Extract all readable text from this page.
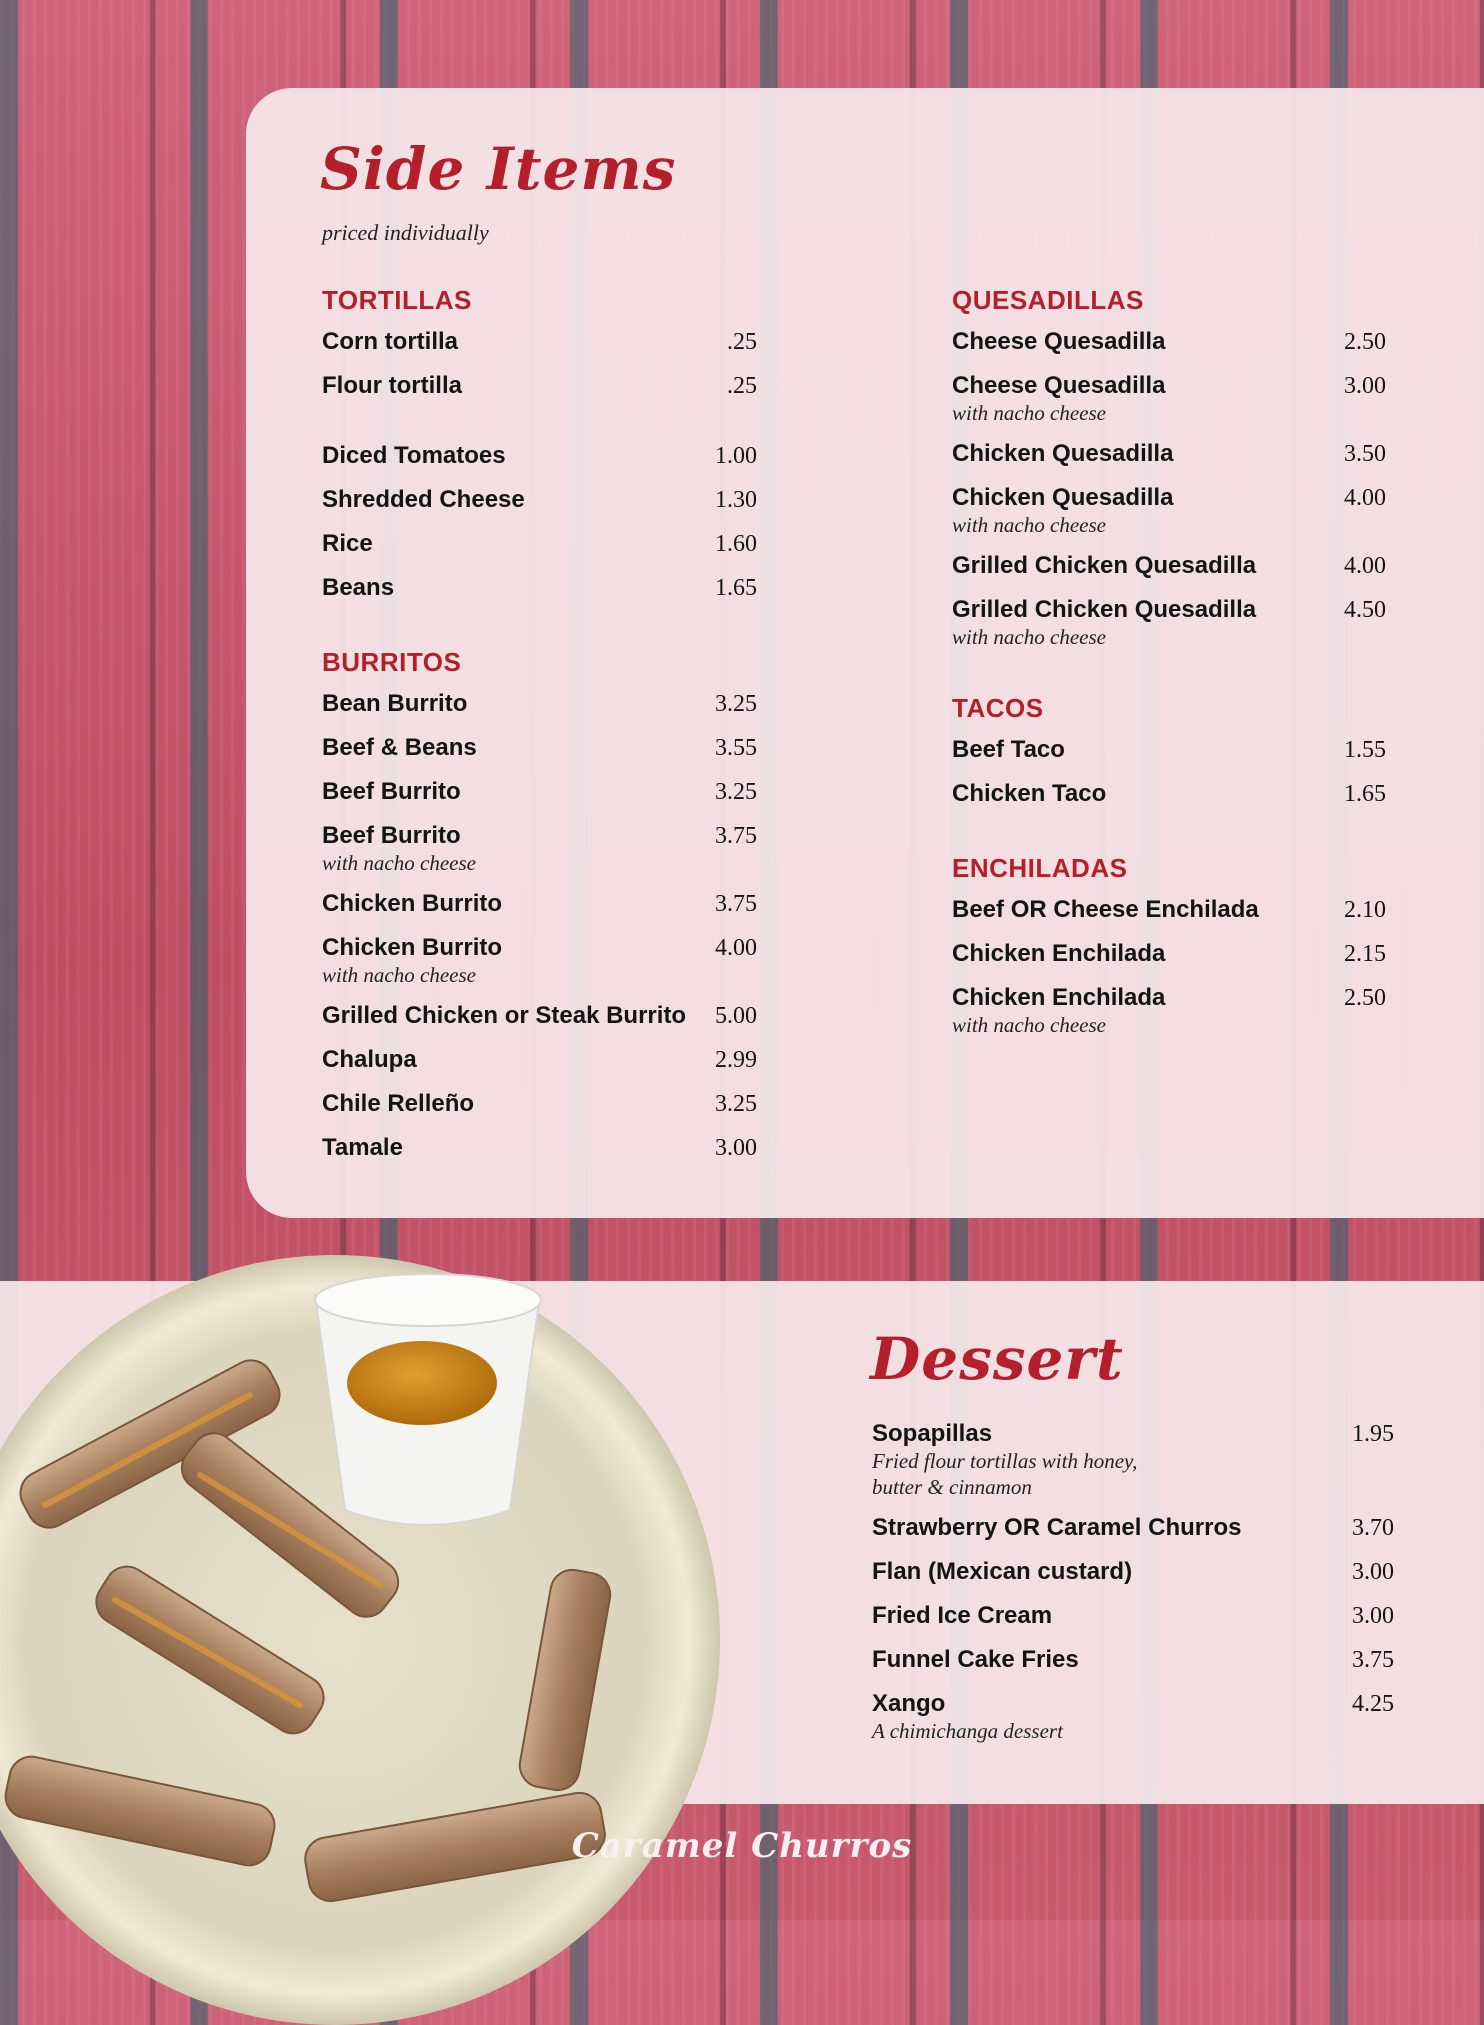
Side Items

priced individually

TORTILLAS
Corn tortilla	.25
Flour tortilla	.25
Diced Tomatoes	1.00
Shredded Cheese	1.30
Rice	1.60
Beans	1.65
BURRITOS
Bean Burrito	3.25
Beef & Beans	3.55
Beef Burrito	3.25
Beef Burrito	3.75
with nacho cheese
Chicken Burrito	3.75
Chicken Burrito	4.00
with nacho cheese
Grilled Chicken or Steak Burrito 5.00
Chalupa	2.99
Chile Relleño	3.25
Tamale	3.00
QUESADILLAS
Cheese Quesadilla	2.50
Cheese Quesadilla	3.00
with nacho cheese
Chicken Quesadilla	3.50
Chicken Quesadilla	4.00
with nacho cheese
Grilled Chicken Quesadilla	4.00
Grilled Chicken Quesadilla	4.50
with nacho cheese
TACOS
Beef Taco	1.55
Chicken Taco	1.65
ENCHILADAS
Beef OR Cheese Enchilada	2.10
Chicken Enchilada	2.15
Chicken Enchilada	2.50
with nacho cheese
Dessert
Sopapillas	1.95
Fried flour tortillas with honey,
butter & cinnamon
Strawberry OR Caramel Churros	3.70
Flan (Mexican custard)	3.00
Fried Ice Cream	3.00
Funnel Cake Fries	3.75
Xango	4.25
A chimichanga dessert
Caramel Churros
